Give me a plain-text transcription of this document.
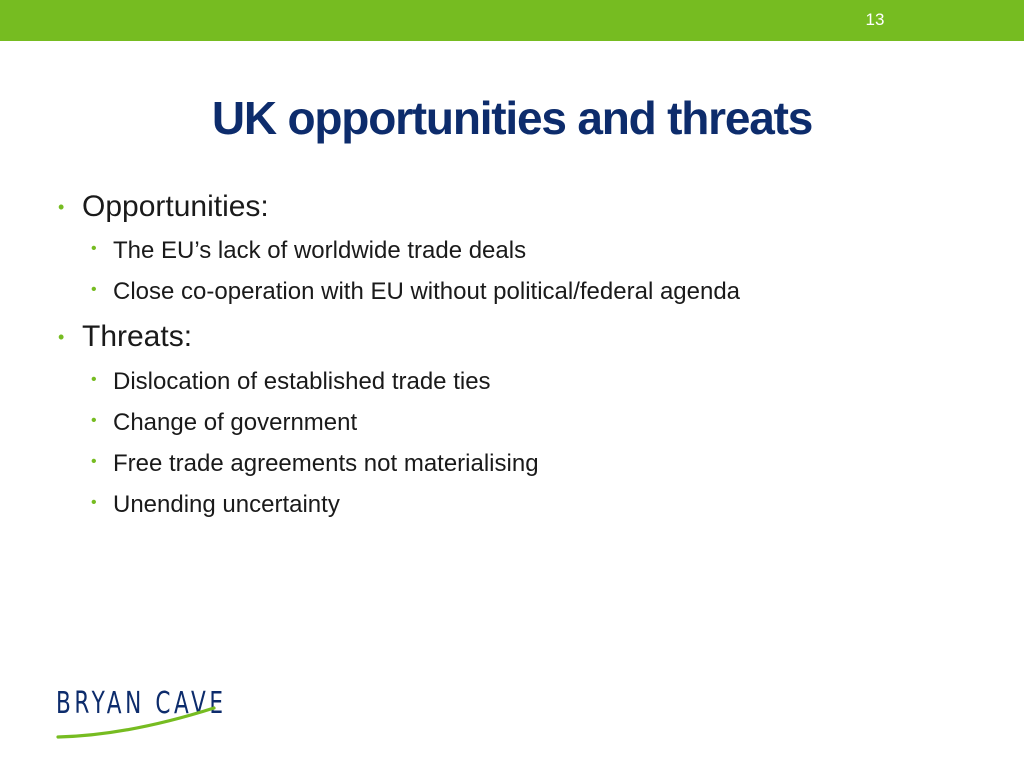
13
UK opportunities and threats
• Opportunities:
• The EU’s lack of worldwide trade deals
• Close co-operation with EU without political/federal agenda
• Threats:
• Dislocation of established trade ties
• Change of government
• Free trade agreements not materialising
• Unending uncertainty
BRYAN CAVE
